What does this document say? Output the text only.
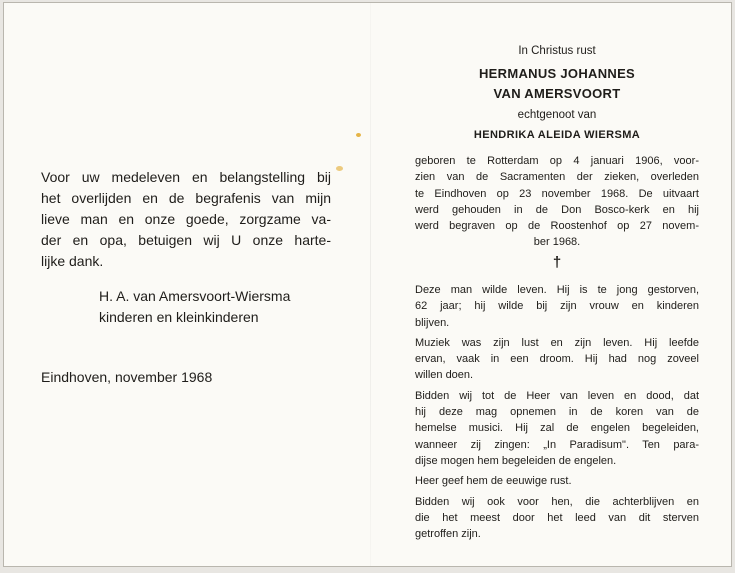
Voor uw medeleven en belangstelling bij
het overlijden en de begrafenis van mijn
lieve man en onze goede, zorgzame va-
der en opa, betuigen wij U onze harte-
lijke dank.
H. A. van Amersvoort-Wiersma
kinderen en kleinkinderen
Eindhoven, november 1968
In Christus rust
HERMANUS JOHANNES
VAN AMERSVOORT
echtgenoot van
HENDRIKA ALEIDA WIERSMA
geboren te Rotterdam op 4 januari 1906, voor-
zien van de Sacramenten der zieken, overleden
te Eindhoven op 23 november 1968. De uitvaart
werd gehouden in de Don Bosco-kerk en hij
werd begraven op de Roostenhof op 27 novem-
ber 1968.
†
Deze man wilde leven. Hij is te jong gestorven,
62 jaar; hij wilde bij zijn vrouw en kinderen
blijven.
Muziek was zijn lust en zijn leven. Hij leefde
ervan, vaak in een droom. Hij had nog zoveel
willen doen.
Bidden wij tot de Heer van leven en dood, dat
hij deze mag opnemen in de koren van de
hemelse musici. Hij zal de engelen begeleiden,
wanneer zij zingen: „In Paradisum". Ten para-
dijse mogen hem begeleiden de engelen.
Heer geef hem de eeuwige rust.
Bidden wij ook voor hen, die achterblijven en
die het meest door het leed van dit sterven
getroffen zijn.
